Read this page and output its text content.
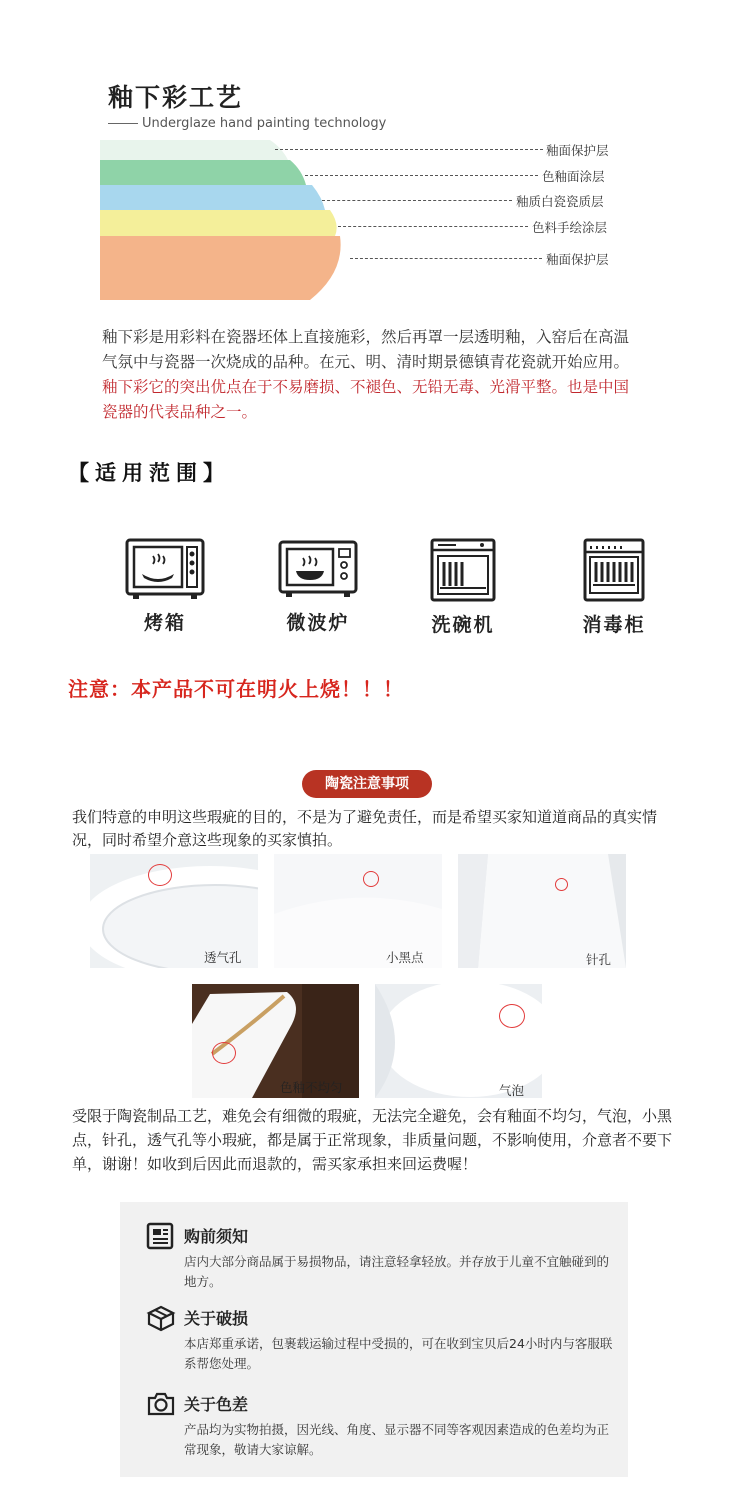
釉下彩工艺
Underglaze hand painting technology
釉面保护层
色釉面涂层
釉质白瓷瓷质层
色料手绘涂层
釉面保护层
釉下彩是用彩料在瓷器坯体上直接施彩，然后再罩一层透明釉，入窑后在高温气氛中与瓷器一次烧成的品种。在元、明、清时期景德镇青花瓷就开始应用。釉下彩它的突出优点在于不易磨损、不褪色、无铅无毒、光滑平整。也是中国瓷器的代表品种之一。
【适用范围】
烤箱	微波炉	洗碗机	消毒柜
注意：本产品不可在明火上烧！！！
陶瓷注意事项
我们特意的申明这些瑕疵的目的，不是为了避免责任，而是希望买家知道道商品的真实情况，同时希望介意这些现象的买家慎拍。
透气孔	小黑点	针孔
色釉不均匀	气泡
受限于陶瓷制品工艺，难免会有细微的瑕疵，无法完全避免，会有釉面不均匀，气泡，小黑点，针孔，透气孔等小瑕疵，都是属于正常现象，非质量问题，不影响使用，介意者不要下单，谢谢！如收到后因此而退款的，需买家承担来回运费喔！
购前须知
店内大部分商品属于易损物品，请注意轻拿轻放。并存放于儿童不宜触碰到的地方。
关于破损
本店郑重承诺，包裹载运输过程中受损的，可在收到宝贝后24小时内与客服联系帮您处理。
关于色差
产品均为实物拍摄，因光线、角度、显示器不同等客观因素造成的色差均为正常现象，敬请大家谅解。
